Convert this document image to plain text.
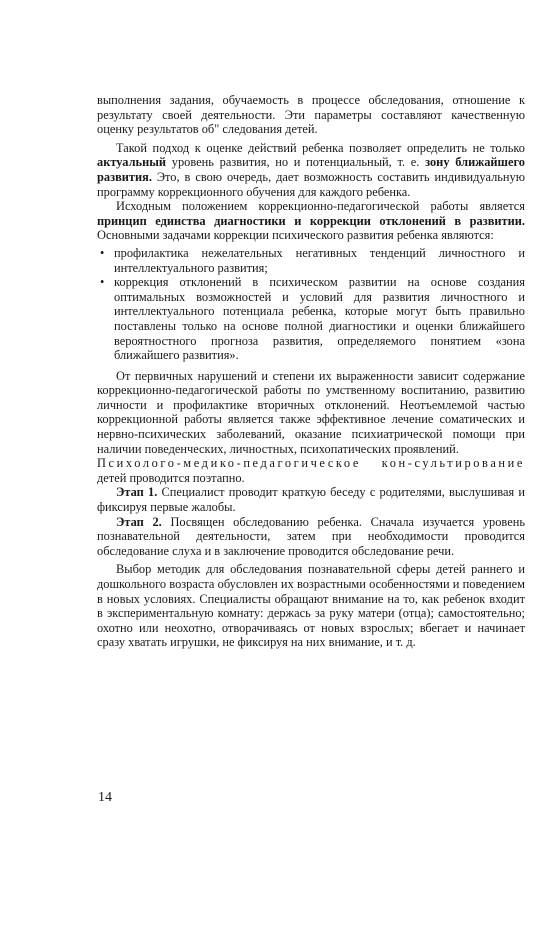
выполнения задания, обучаемость в процессе обследования, отношение к результату своей деятельности. Эти параметры составляют качественную оценку результатов об" следования детей.

Такой подход к оценке действий ребенка позволяет определить не только актуальный уровень развития, но и потенциальный, т. е. зону ближайшего развития. Это, в свою очередь, дает возможность составить индивидуальную программу коррекционного обучения для каждого ребенка.

Исходным положением коррекционно-педагогической работы является принцип единства диагностики и коррекции отклонений в развитии. Основными задачами коррекции психического развития ребенка являются:

• профилактика нежелательных негативных тенденций личностного и интеллектуального развития;
• коррекция отклонений в психическом развитии на основе создания оптимальных возможностей и условий для развития личностного и интеллектуального потенциала ребенка, которые могут быть правильно поставлены только на основе полной диагностики и оценки ближайшего вероятностного прогноза развития, определяемого понятием «зона ближайшего развития».

От первичных нарушений и степени их выраженности зависит содержание коррекционно-педагогической работы по умственному воспитанию, развитию личности и профилактике вторичных отклонений. Неотъемлемой частью коррекционной работы является также эффективное лечение соматических и нервно-психических заболеваний, оказание психиатрической помощи при наличии поведенческих, личностных, психопатических проявлений.

Психолого-медико-педагогическое кон-сультирование детей проводится поэтапно.

Этап 1. Специалист проводит краткую беседу с родителями, выслушивая и фиксируя первые жалобы.

Этап 2. Посвящен обследованию ребенка. Сначала изучается уровень познавательной деятельности, затем при необходимости проводится обследование слуха и в заключение проводится обследование речи.

Выбор методик для обследования познавательной сферы детей раннего и дошкольного возраста обусловлен их возрастными особенностями и поведением в новых условиях. Специалисты обращают внимание на то, как ребенок входит в экспериментальную комнату: держась за руку матери (отца); самостоятельно; охотно или неохотно, отворачиваясь от новых взрослых; вбегает и начинает сразу хватать игрушки, не фиксируя на них внимание, и т. д.

14
